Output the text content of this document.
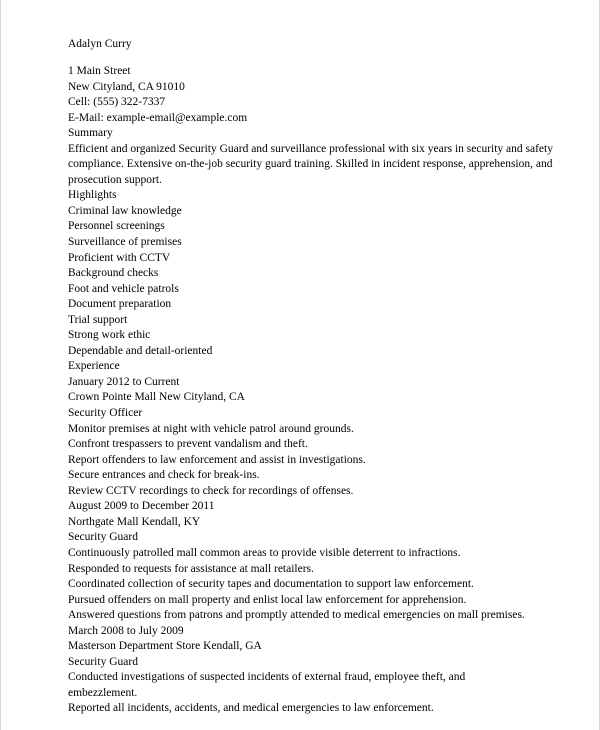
Adalyn Curry
1 Main Street
New Cityland, CA 91010
Cell: (555) 322-7337
E-Mail: example-email@example.com
Summary
Efficient and organized Security Guard and surveillance professional with six years in security and safety compliance. Extensive on-the-job security guard training. Skilled in incident response, apprehension, and prosecution support.
Highlights
Criminal law knowledge
Personnel screenings
Surveillance of premises
Proficient with CCTV
Background checks
Foot and vehicle patrols
Document preparation
Trial support
Strong work ethic
Dependable and detail-oriented
Experience
January 2012 to Current
Crown Pointe Mall New Cityland, CA
Security Officer
Monitor premises at night with vehicle patrol around grounds.
Confront trespassers to prevent vandalism and theft.
Report offenders to law enforcement and assist in investigations.
Secure entrances and check for break-ins.
Review CCTV recordings to check for recordings of offenses.
August 2009 to December 2011
Northgate Mall Kendall, KY
Security Guard
Continuously patrolled mall common areas to provide visible deterrent to infractions.
Responded to requests for assistance at mall retailers.
Coordinated collection of security tapes and documentation to support law enforcement.
Pursued offenders on mall property and enlist local law enforcement for apprehension.
Answered questions from patrons and promptly attended to medical emergencies on mall premises.
March 2008 to July 2009
Masterson Department Store Kendall, GA
Security Guard
Conducted investigations of suspected incidents of external fraud, employee theft, and embezzlement.
Reported all incidents, accidents, and medical emergencies to law enforcement.
